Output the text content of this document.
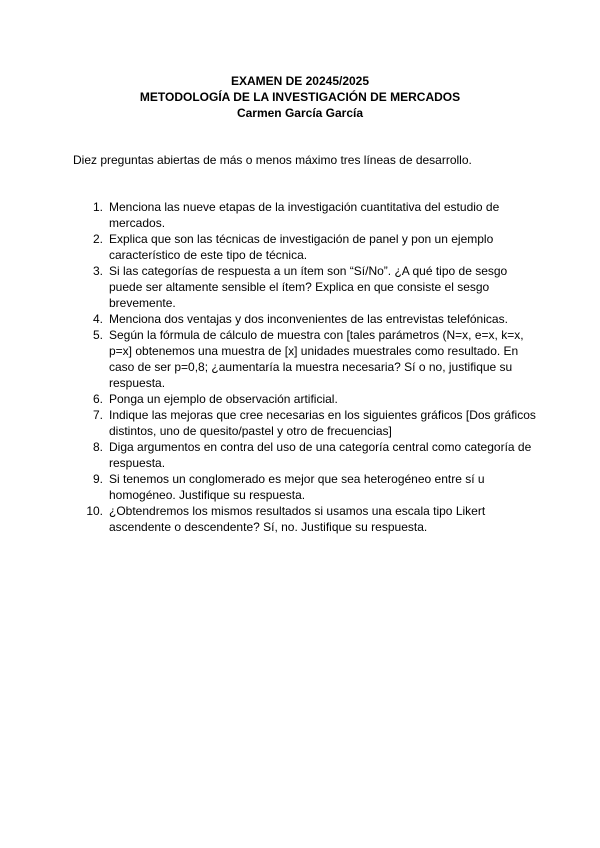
EXAMEN DE 20245/2025
METODOLOGÍA DE LA INVESTIGACIÓN DE MERCADOS
Carmen García García
Diez preguntas abiertas de más o menos máximo tres líneas de desarrollo.
1. Menciona las nueve etapas de la investigación cuantitativa del estudio de mercados.
2. Explica que son las técnicas de investigación de panel y pon un ejemplo característico de este tipo de técnica.
3. Si las categorías de respuesta a un ítem son “Sí/No”. ¿A qué tipo de sesgo puede ser altamente sensible el ítem? Explica en que consiste el sesgo brevemente.
4. Menciona dos ventajas y dos inconvenientes de las entrevistas telefónicas.
5. Según la fórmula de cálculo de muestra con [tales parámetros (N=x, e=x, k=x, p=x] obtenemos una muestra de [x] unidades muestrales como resultado. En caso de ser p=0,8; ¿aumentaría la muestra necesaria? Sí o no, justifique su respuesta.
6. Ponga un ejemplo de observación artificial.
7. Indique las mejoras que cree necesarias en los siguientes gráficos [Dos gráficos distintos, uno de quesito/pastel y otro de frecuencias]
8. Diga argumentos en contra del uso de una categoría central como categoría de respuesta.
9. Si tenemos un conglomerado es mejor que sea heterogéneo entre sí u homogéneo. Justifique su respuesta.
10. ¿Obtendremos los mismos resultados si usamos una escala tipo Likert ascendente o descendente? Sí, no. Justifique su respuesta.
